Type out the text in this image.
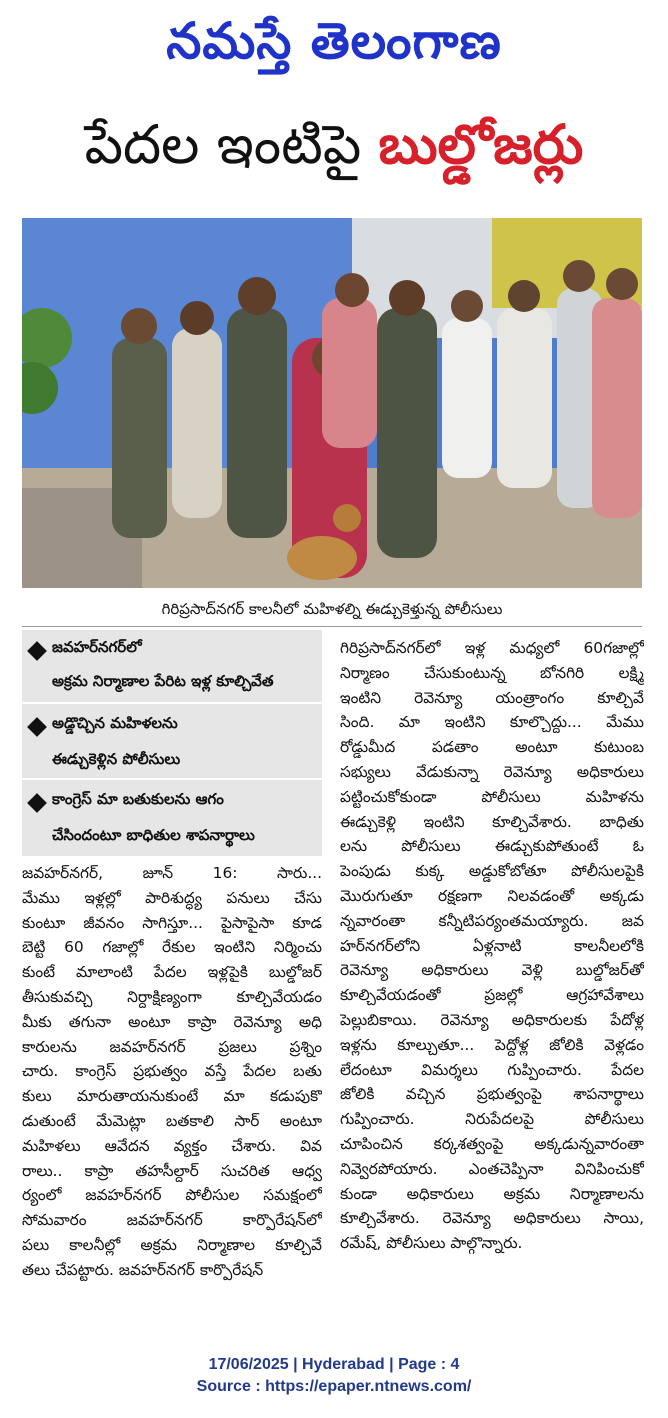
నమస్తే తెలంగాణ
పేదల ఇంటిపై బుల్డోజర్లు
గిరిప్రసాద్‌నగర్ కాలనీలో మహిళల్ని ఈడ్చుకెళ్తున్న పోలీసులు
జవహర్‌నగర్‌లో
అక్రమ నిర్మాణాల పేరిట ఇళ్ల కూల్చివేత
అడ్డొచ్చిన మహిళలను
ఈడ్చుకెళ్లిన పోలీసులు
కాంగ్రెస్ మా బతుకులను ఆగం
చేసిందంటూ బాధితుల శాపనార్థాలు

గిరిప్రసాద్‌నగర్‌లో ఇళ్ల మధ్యలో 60గజాల్లో
నిర్మాణం చేసుకుంటున్న బోనగిరి లక్ష్మి
ఇంటిని రెవెన్యూ యంత్రాంగం కూల్చివే
సింది. మా ఇంటిని కూల్చొద్దు... మేము
రోడ్డుమీద పడతాం అంటూ కుటుంబ
సభ్యులు వేడుకున్నా రెవెన్యూ అధికారులు
పట్టించుకోకుండా పోలీసులు మహిళను
ఈడ్చుకెళ్లి ఇంటిని కూల్చివేశారు. బాధితు
లను పోలీసులు ఈడ్చుకుపోతుంటే ఓ
పెంపుడు కుక్క అడ్డుకోబోతూ పోలీసులపైకి
మొరుగుతూ రక్షణగా నిలవడంతో అక్కడు
న్నవారంతా కన్నీటిపర్యంతమయ్యారు. జవ
హర్‌నగర్‌లోని ఏళ్లనాటి కాలనీలలోకి
రెవెన్యూ అధికారులు వెళ్లి బుల్డోజర్‌తో
కూల్చివేయడంతో ప్రజల్లో ఆగ్రహావేశాలు
పెల్లుబికాయి. రెవెన్యూ అధికారులకు పేదోళ్ల
ఇళ్లను కూల్చుతూ... పెద్దోళ్ల జోలికి వెళ్లడం
లేదంటూ విమర్శలు గుప్పించారు. పేదల
జోలికి వచ్చిన ప్రభుత్వంపై శాపనార్థాలు
గుప్పించారు. నిరుపేదలపై పోలీసులు
చూపించిన కర్కశత్వంపై అక్కడున్నవారంతా
నివ్వెరపోయారు. ఎంతచెప్పినా వినిపించుకో
కుండా అధికారులు అక్రమ నిర్మాణాలను
కూల్చివేశారు. రెవెన్యూ అధికారులు సాయి,
రమేష్, పోలీసులు పాల్గొన్నారు.

జవహర్‌నగర్, జూన్ 16: సారు...
మేము ఇళ్లల్లో పారిశుద్ధ్య పనులు చేసు
కుంటూ జీవనం సాగిస్తూ... పైసాపైసా కూడ
బెట్టి 60 గజాల్లో రేకుల ఇంటిని నిర్మించు
కుంటే మాలాంటి పేదల ఇళ్లపైకి బుల్డోజర్
తీసుకువచ్చి నిర్దాక్షిణ్యంగా కూల్చివేయడం
మీకు తగునా అంటూ కాప్రా రెవెన్యూ అధి
కారులను జవహర్‌నగర్ ప్రజలు ప్రశ్నిం
చారు. కాంగ్రెస్ ప్రభుత్వం వస్తే పేదల బతు
కులు మారుతాయనుకుంటే మా కడుపుకొ
డుతుంటే మేమెట్లా బతకాలి సార్ అంటూ
మహిళలు ఆవేదన వ్యక్తం చేశారు. వివ
రాలు.. కాప్రా తహసీల్దార్ సుచరిత ఆధ్వ
ర్యంలో జవహర్‌నగర్ పోలీసుల సమక్షంలో
సోమవారం జవహర్‌నగర్ కార్పొరేషన్‌లో
పలు కాలనీల్లో అక్రమ నిర్మాణాల కూల్చివే
తలు చేపట్టారు. జవహర్‌నగర్ కార్పొరేషన్

17/06/2025 | Hyderabad | Page : 4
Source : https://epaper.ntnews.com/
